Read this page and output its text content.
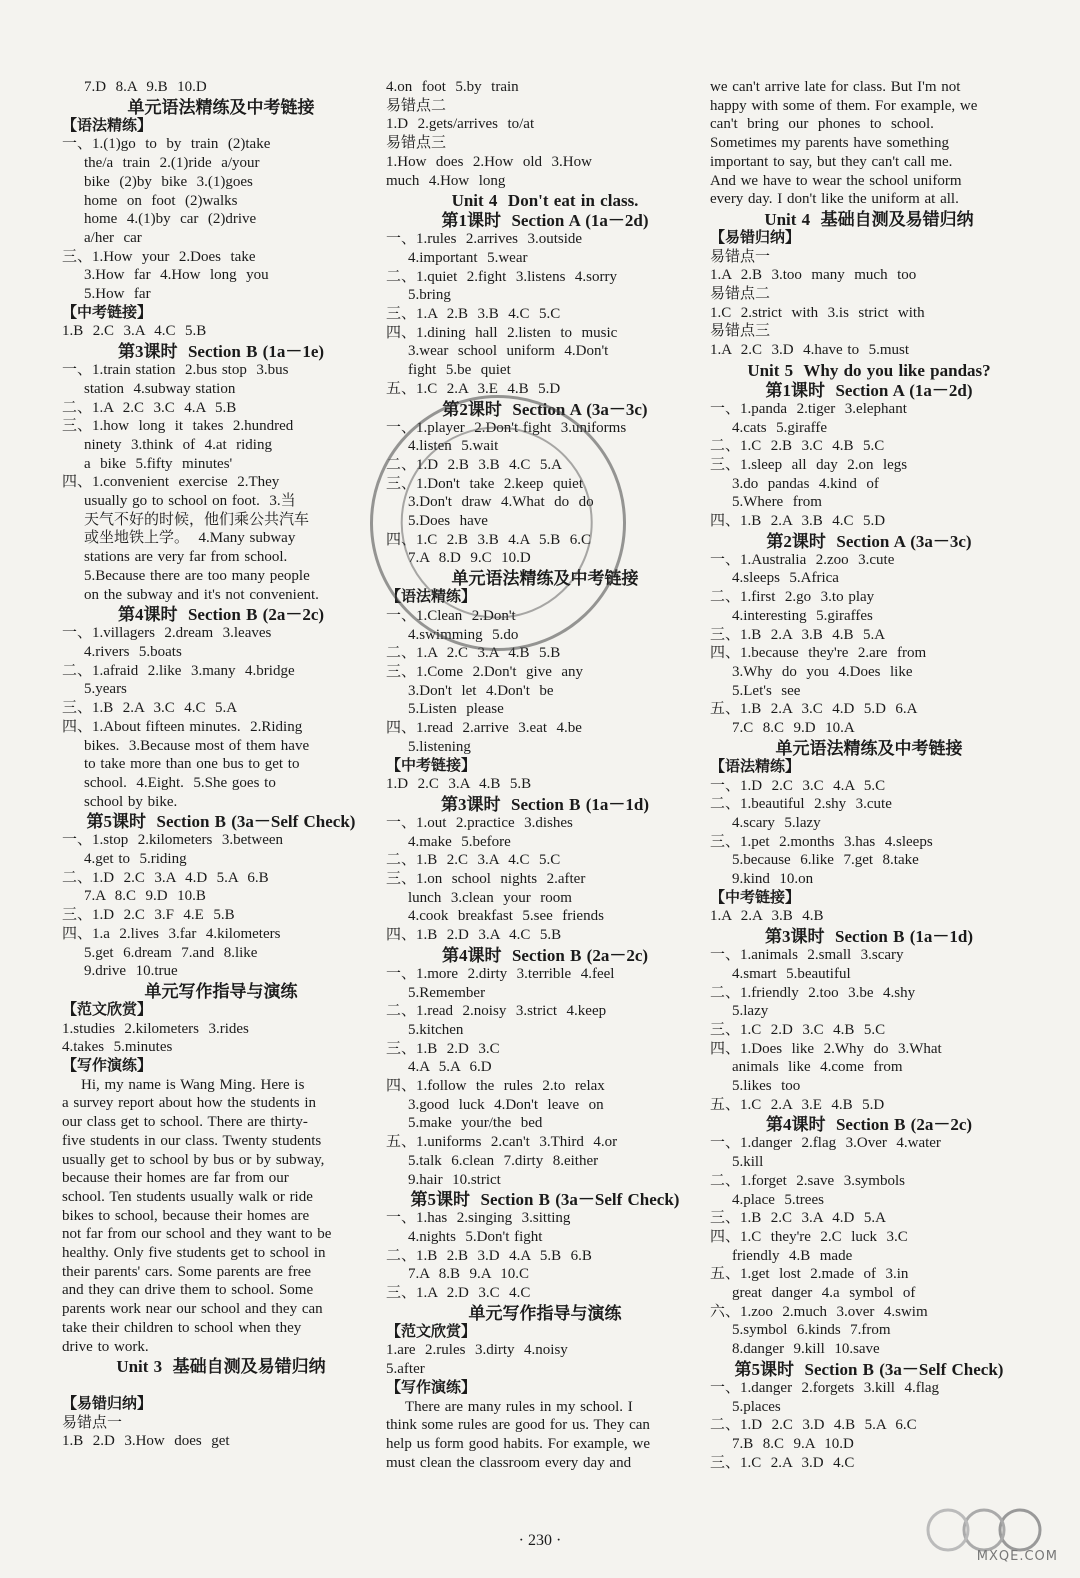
7.D  8.A  9.B  10.D
单元语法精练及中考链接
【语法精练】
一、1.(1)go  to  by  train  (2)take
the/a  train  2.(1)ride  a/your
bike  (2)by  bike  3.(1)goes
home  on  foot  (2)walks
home  4.(1)by  car  (2)drive
a/her  car
三、1.How  your  2.Does  take
3.How  far  4.How  long  you
5.How  far
【中考链接】
1.B  2.C  3.A  4.C  5.B
第3课时  Section B (1a－1e)
一、1.train station  2.bus stop  3.bus
station  4.subway station
二、1.A  2.C  3.C  4.A  5.B
三、1.how  long  it  takes  2.hundred
ninety  3.think  of  4.at  riding
a  bike  5.fifty  minutes'
四、1.convenient  exercise  2.They
usually go to school on foot.  3.当
天气不好的时候，他们乘公共汽车
或坐地铁上学。  4.Many subway
stations are very far from school.
5.Because there are too many people
on the subway and it's not convenient.
第4课时  Section B (2a－2c)
一、1.villagers  2.dream  3.leaves
4.rivers  5.boats
二、1.afraid  2.like  3.many  4.bridge
5.years
三、1.B  2.A  3.C  4.C  5.A
四、1.About fifteen minutes.  2.Riding
bikes.  3.Because most of them have
to take more than one bus to get to
school.  4.Eight.  5.She goes to
school by bike.
第5课时  Section B (3a－Self Check)
一、1.stop  2.kilometers  3.between
4.get to  5.riding
二、1.D  2.C  3.A  4.D  5.A  6.B
7.A  8.C  9.D  10.B
三、1.D  2.C  3.F  4.E  5.B
四、1.a  2.lives  3.far  4.kilometers
5.get  6.dream  7.and  8.like
9.drive  10.true
单元写作指导与演练
【范文欣赏】
1.studies  2.kilometers  3.rides
4.takes  5.minutes
【写作演练】
Hi, my name is Wang Ming. Here is
a survey report about how the students in
our class get to school. There are thirty-
five students in our class. Twenty students
usually get to school by bus or by subway,
because their homes are far from our
school. Ten students usually walk or ride
bikes to school, because their homes are
not far from our school and they want to be
healthy. Only five students get to school in
their parents' cars. Some parents are free
and they can drive them to school. Some
parents work near our school and they can
take their children to school when they
drive to work.
Unit 3  基础自测及易错归纳

【易错归纳】
易错点一
1.B  2.D  3.How  does  get
4.on  foot  5.by  train
易错点二
1.D  2.gets/arrives  to/at
易错点三
1.How  does  2.How  old  3.How
much  4.How  long
Unit 4  Don't eat in class.
第1课时  Section A (1a－2d)
一、1.rules  2.arrives  3.outside
4.important  5.wear
二、1.quiet  2.fight  3.listens  4.sorry
5.bring
三、1.A  2.B  3.B  4.C  5.C
四、1.dining  hall  2.listen  to  music
3.wear  school  uniform  4.Don't
fight  5.be  quiet
五、1.C  2.A  3.E  4.B  5.D
第2课时  Section A (3a－3c)
一、1.player  2.Don't fight  3.uniforms
4.listen  5.wait
二、1.D  2.B  3.B  4.C  5.A
三、1.Don't  take  2.keep  quiet
3.Don't  draw  4.What  do  do
5.Does  have
四、1.C  2.B  3.B  4.A  5.B  6.C
7.A  8.D  9.C  10.D
单元语法精练及中考链接
【语法精练】
一、1.Clean  2.Don't
4.swimming  5.do
二、1.A  2.C  3.A  4.B  5.B
三、1.Come  2.Don't  give  any
3.Don't  let  4.Don't  be
5.Listen  please
四、1.read  2.arrive  3.eat  4.be
5.listening
【中考链接】
1.D  2.C  3.A  4.B  5.B
第3课时  Section B (1a－1d)
一、1.out  2.practice  3.dishes
4.make  5.before
二、1.B  2.C  3.A  4.C  5.C
三、1.on  school  nights  2.after
lunch  3.clean  your  room
4.cook  breakfast  5.see  friends
四、1.B  2.D  3.A  4.C  5.B
第4课时  Section B (2a－2c)
一、1.more  2.dirty  3.terrible  4.feel
5.Remember
二、1.read  2.noisy  3.strict  4.keep
5.kitchen
三、1.B  2.D  3.C
4.A  5.A  6.D
四、1.follow  the  rules  2.to  relax
3.good  luck  4.Don't  leave  on
5.make  your/the  bed
五、1.uniforms  2.can't  3.Third  4.or
5.talk  6.clean  7.dirty  8.either
9.hair  10.strict
第5课时  Section B (3a－Self Check)
一、1.has  2.singing  3.sitting
4.nights  5.Don't fight
二、1.B  2.B  3.D  4.A  5.B  6.B
7.A  8.B  9.A  10.C
三、1.A  2.D  3.C  4.C
单元写作指导与演练
【范文欣赏】
1.are  2.rules  3.dirty  4.noisy
5.after
【写作演练】
There are many rules in my school. I
think some rules are good for us. They can
help us form good habits. For example, we
must clean the classroom every day and
we can't arrive late for class. But I'm not
happy with some of them. For example, we
can't  bring  our  phones  to  school.
Sometimes my parents have something
important to say, but they can't call me.
And we have to wear the school uniform
every day. I don't like the uniform at all.
Unit 4  基础自测及易错归纳
【易错归纳】
易错点一
1.A  2.B  3.too  many  much  too
易错点二
1.C  2.strict  with  3.is  strict  with
易错点三
1.A  2.C  3.D  4.have to  5.must
Unit 5  Why do you like pandas?
第1课时  Section A (1a－2d)
一、1.panda  2.tiger  3.elephant
4.cats  5.giraffe
二、1.C  2.B  3.C  4.B  5.C
三、1.sleep  all  day  2.on  legs
3.do  pandas  4.kind  of
5.Where  from
四、1.B  2.A  3.B  4.C  5.D
第2课时  Section A (3a－3c)
一、1.Australia  2.zoo  3.cute
4.sleeps  5.Africa
二、1.first  2.go  3.to play
4.interesting  5.giraffes
三、1.B  2.A  3.B  4.B  5.A
四、1.because  they're  2.are  from
3.Why  do  you  4.Does  like
5.Let's  see
五、1.B  2.A  3.C  4.D  5.D  6.A
7.C  8.C  9.D  10.A
单元语法精练及中考链接
【语法精练】
一、1.D  2.C  3.C  4.A  5.C
二、1.beautiful  2.shy  3.cute
4.scary  5.lazy
三、1.pet  2.months  3.has  4.sleeps
5.because  6.like  7.get  8.take
9.kind  10.on
【中考链接】
1.A  2.A  3.B  4.B
第3课时  Section B (1a－1d)
一、1.animals  2.small  3.scary
4.smart  5.beautiful
二、1.friendly  2.too  3.be  4.shy
5.lazy
三、1.C  2.D  3.C  4.B  5.C
四、1.Does  like  2.Why  do  3.What
animals  like  4.come  from
5.likes  too
五、1.C  2.A  3.E  4.B  5.D
第4课时  Section B (2a－2c)
一、1.danger  2.flag  3.Over  4.water
5.kill
二、1.forget  2.save  3.symbols
4.place  5.trees
三、1.B  2.C  3.A  4.D  5.A
四、1.C  they're  2.C  luck  3.C
friendly  4.B  made
五、1.get  lost  2.made  of  3.in
great  danger  4.a  symbol  of
六、1.zoo  2.much  3.over  4.swim
5.symbol  6.kinds  7.from
8.danger  9.kill  10.save
第5课时  Section B (3a－Self Check)
一、1.danger  2.forgets  3.kill  4.flag
5.places
二、1.D  2.C  3.D  4.B  5.A  6.C
7.B  8.C  9.A  10.D
三、1.C  2.A  3.D  4.C
· 230 ·
MXQE.COM
